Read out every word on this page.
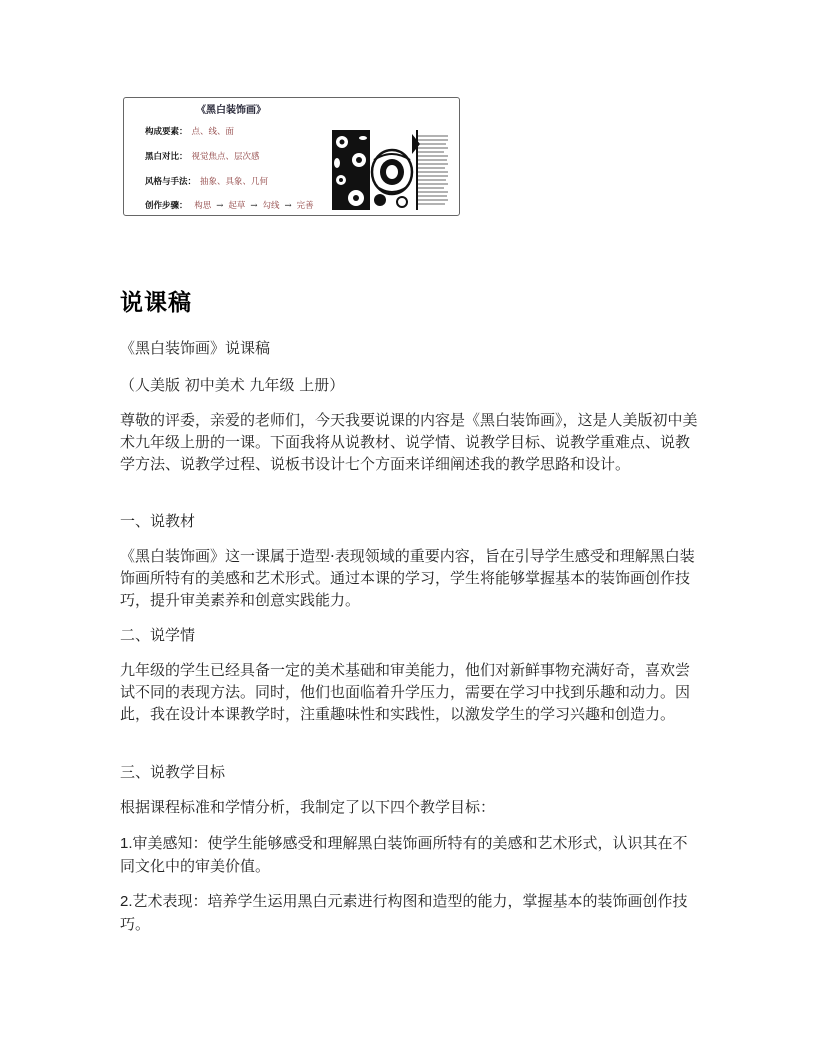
《黑白装饰画》
构成要素： 点、线、面
黑白对比： 视觉焦点、层次感
风格与手法： 抽象、具象、几何
创作步骤： 构思 → 起草 → 勾线 → 完善
说课稿

《黑白装饰画》说课稿

（人美版 初中美术 九年级 上册）

尊敬的评委，亲爱的老师们，今天我要说课的内容是《黑白装饰画》，这是人美版初中美术九年级上册的一课。下面我将从说教材、说学情、说教学目标、说教学重难点、说教学方法、说教学过程、说板书设计七个方面来详细阐述我的教学思路和设计。

一、说教材

《黑白装饰画》这一课属于造型·表现领域的重要内容，旨在引导学生感受和理解黑白装饰画所特有的美感和艺术形式。通过本课的学习，学生将能够掌握基本的装饰画创作技巧，提升审美素养和创意实践能力。

二、说学情

九年级的学生已经具备一定的美术基础和审美能力，他们对新鲜事物充满好奇，喜欢尝试不同的表现方法。同时，他们也面临着升学压力，需要在学习中找到乐趣和动力。因此，我在设计本课教学时，注重趣味性和实践性，以激发学生的学习兴趣和创造力。

三、说教学目标

根据课程标准和学情分析，我制定了以下四个教学目标：

1.审美感知：使学生能够感受和理解黑白装饰画所特有的美感和艺术形式，认识其在不同文化中的审美价值。

2.艺术表现：培养学生运用黑白元素进行构图和造型的能力，掌握基本的装饰画创作技巧。
